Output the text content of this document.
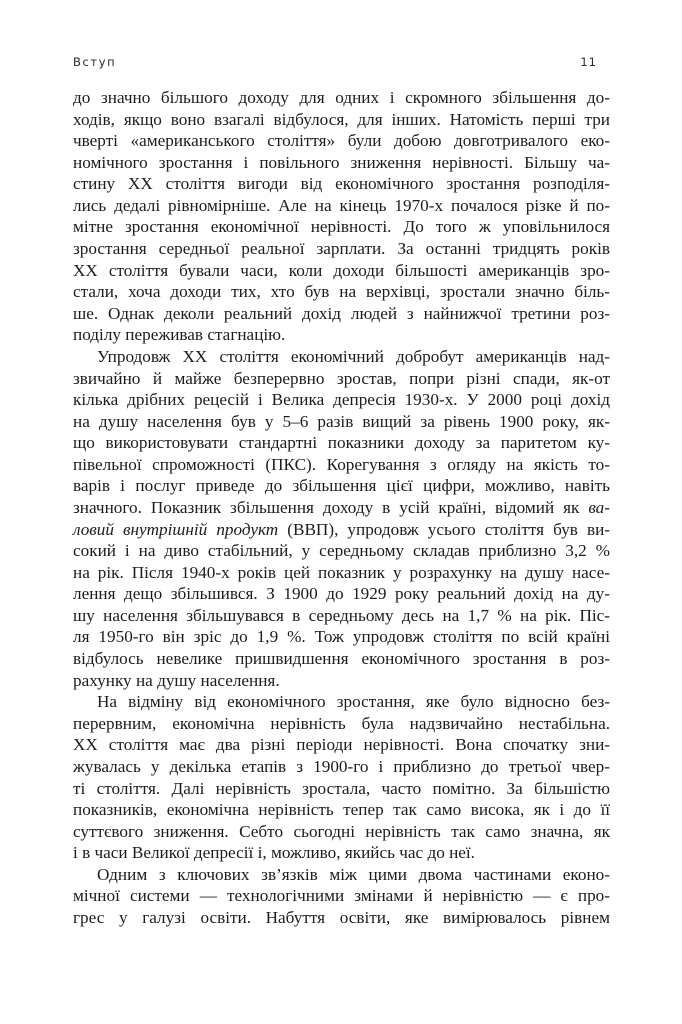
Вступ	11
до значно більшого доходу для одних і скромного збільшення до-
ходів, якщо воно взагалі відбулося, для інших. Натомість перші три
чверті «американського століття» були добою довготривалого еко-
номічного зростання і повільного зниження нерівності. Більшу ча-
стину XX століття вигоди від економічного зростання розподіля-
лись дедалі рівномірніше. Але на кінець 1970-х почалося різке й по-
мітне зростання економічної нерівності. До того ж уповільнилося
зростання середньої реальної зарплати. За останні тридцять років
XX століття бували часи, коли доходи більшості американців зро-
стали, хоча доходи тих, хто був на верхівці, зростали значно біль-
ше. Однак деколи реальний дохід людей з найнижчої третини роз-
поділу переживав стагнацію.
Упродовж XX століття економічний добробут американців над-
звичайно й майже безперервно зростав, попри різні спади, як-от
кілька дрібних рецесій і Велика депресія 1930-х. У 2000 році дохід
на душу населення був у 5–6 разів вищий за рівень 1900 року, як-
що використовувати стандартні показники доходу за паритетом ку-
півельної спроможності (ПКС). Корегування з огляду на якість то-
варів і послуг приведе до збільшення цієї цифри, можливо, навіть
значного. Показник збільшення доходу в усій країні, відомий як ва-
ловий внутрішній продукт (ВВП), упродовж усього століття був ви-
сокий і на диво стабільний, у середньому складав приблизно 3,2 %
на рік. Після 1940-х років цей показник у розрахунку на душу насе-
лення дещо збільшився. З 1900 до 1929 року реальний дохід на ду-
шу населення збільшувався в середньому десь на 1,7 % на рік. Піс-
ля 1950-го він зріс до 1,9 %. Тож упродовж століття по всій країні
відбулось невелике пришвидшення економічного зростання в роз-
рахунку на душу населення.
На відміну від економічного зростання, яке було відносно без-
перервним, економічна нерівність була надзвичайно нестабільна.
XX століття має два різні періоди нерівності. Вона спочатку зни-
жувалась у декілька етапів з 1900-го і приблизно до третьої чвер-
ті століття. Далі нерівність зростала, часто помітно. За більшістю
показників, економічна нерівність тепер так само висока, як і до її
суттєвого зниження. Себто сьогодні нерівність так само значна, як
і в часи Великої депресії і, можливо, якийсь час до неї.
Одним з ключових зв’язків між цими двома частинами еконо-
мічної системи — технологічними змінами й нерівністю — є про-
грес у галузі освіти. Набуття освіти, яке вимірювалось рівнем
